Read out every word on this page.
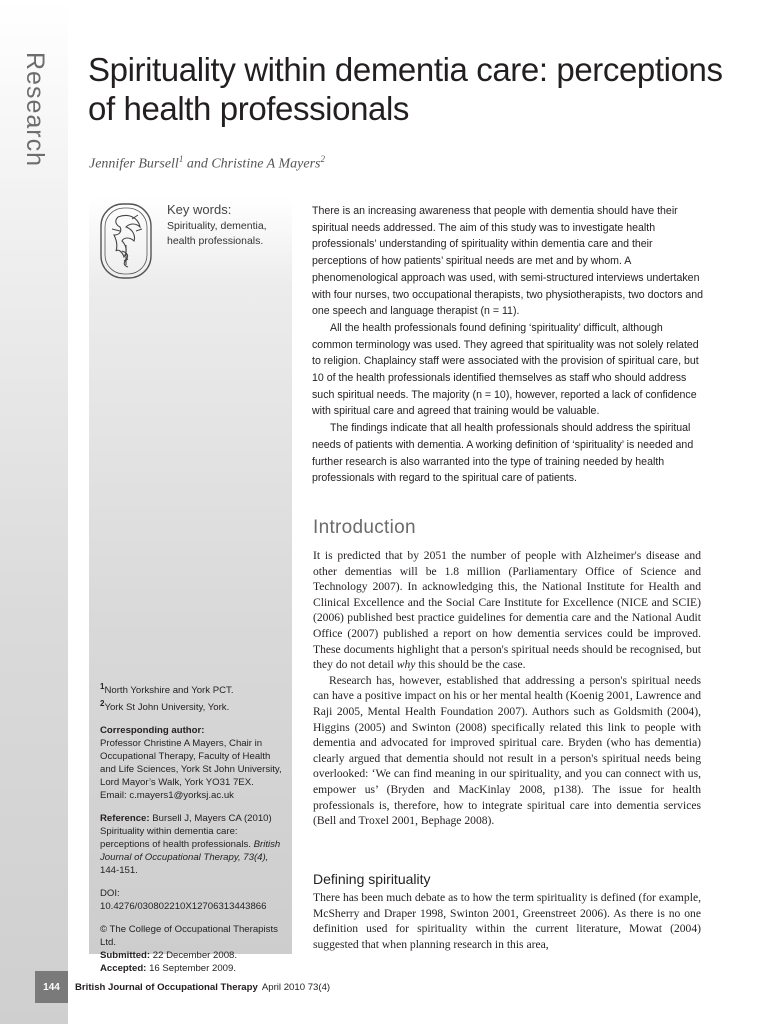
Research Spirituality within dementia care: perceptions of health professionals
Jennifer Bursell$^1$ and Christine A Mayers$^2$
Key words:
Spirituality, dementia, health professionals.

There is an increasing awareness that people with dementia should have their spiritual needs addressed. The aim of this study was to investigate health professionals’ understanding of spirituality within dementia care and their perceptions of how patients’ spiritual needs are met and by whom. A phenomenological approach was used, with semi-structured interviews undertaken with four nurses, two occupational therapists, two physiotherapists, two doctors and one speech and language therapist (n = 11).

All the health professionals found defining ‘spirituality’ difficult, although common terminology was used. They agreed that spirituality was not solely related to religion. Chaplaincy staff were associated with the provision of spiritual care, but 10 of the health professionals identified themselves as staff who should address such spiritual needs. The majority (n = 10), however, reported a lack of confidence with spiritual care and agreed that training would be valuable.

The findings indicate that all health professionals should address the spiritual needs of patients with dementia. A working definition of ‘spirituality’ is needed and further research is also warranted into the type of training needed by health professionals with regard to the spiritual care of patients.

$^1$North Yorkshire and York PCT.

$^2$York St John University, York.

Corresponding author:

Professor Christine A Mayers, Chair in Occupational Therapy, Faculty of Health and Life Sciences, York St John University, Lord Mayor’s Walk, York YO31 7EX.

Email: c.mayers1@yorksj.ac.uk

Reference: Bursell J, Mayers CA (2010) Spirituality within dementia care: perceptions of health professionals. British Journal of Occupational Therapy, 73(4), 144-151.

DOI: 10.4276/030802210X12706313443866

© The College of Occupational Therapists Ltd.

Submitted: 22 December 2008.

Accepted: 16 September 2009.

Introduction

It is predicted that by 2051 the number of people with Alzheimer's disease and other dementias will be 1.8 million (Parliamentary Office of Science and Technology 2007). In acknowledging this, the National Institute for Health and Clinical Excellence and the Social Care Institute for Excellence (NICE and SCIE) (2006) published best practice guidelines for dementia care and the National Audit Office (2007) published a report on how dementia services could be improved. These documents highlight that a person's spiritual needs should be recognised, but they do not detail why this should be the case.

Research has, however, established that addressing a person's spiritual needs can have a positive impact on his or her mental health (Koenig 2001, Lawrence and Raji 2005, Mental Health Foundation 2007). Authors such as Goldsmith (2004), Higgins (2005) and Swinton (2008) specifically related this link to people with dementia and advocated for improved spiritual care. Bryden (who has dementia) clearly argued that dementia should not result in a person's spiritual needs being overlooked: ‘We can find meaning in our spirituality, and you can connect with us, empower us’ (Bryden and MacKinlay 2008, p138). The issue for health professionals is, therefore, how to integrate spiritual care into dementia services (Bell and Troxel 2001, Bephage 2008).

Defining spirituality

There has been much debate as to how the term spirituality is defined (for example, McSherry and Draper 1998, Swinton 2001, Greenstreet 2006). As there is no one definition used for spirituality within the current literature, Mowat (2004) suggested that when planning research in this area,

144	British Journal of Occupational Therapy April 2010 73(4)
